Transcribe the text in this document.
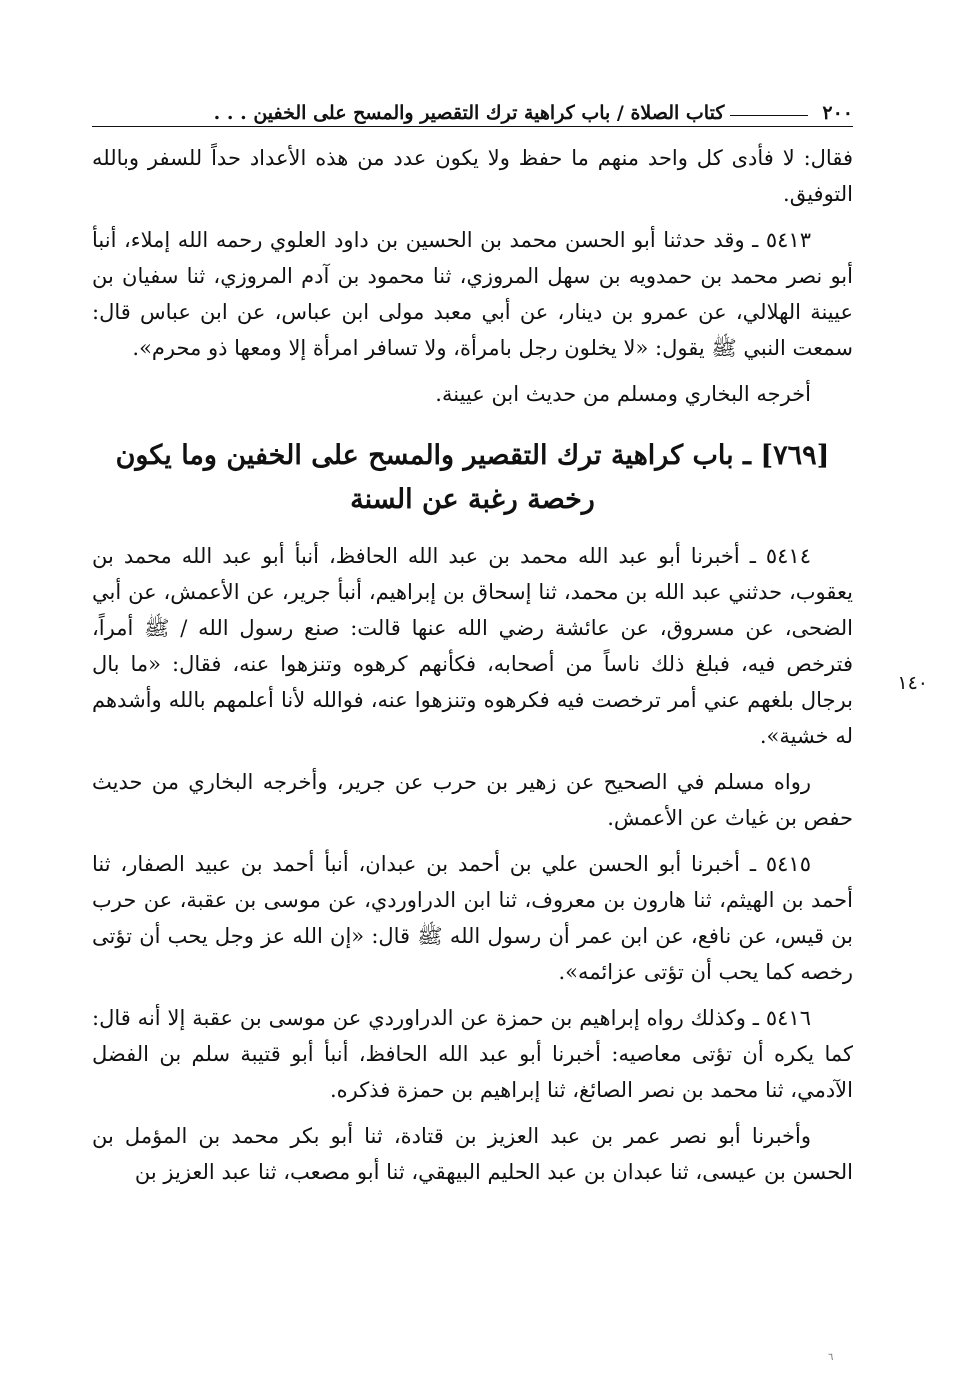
٢٠٠
كتاب الصلاة / باب كراهية ترك التقصير والمسح على الخفين . . .

فقال: لا فأدى كل واحد منهم ما حفظ ولا يكون عدد من هذه الأعداد حداً للسفر وبالله التوفيق.

٥٤١٣ ـ وقد حدثنا أبو الحسن محمد بن الحسين بن داود العلوي رحمه الله إملاء، أنبأ أبو نصر محمد بن حمدويه بن سهل المروزي، ثنا محمود بن آدم المروزي، ثنا سفيان بن عيينة الهلالي، عن عمرو بن دينار، عن أبي معبد مولى ابن عباس، عن ابن عباس قال: سمعت النبي ﷺ يقول: «لا يخلون رجل بامرأة، ولا تسافر امرأة إلا ومعها ذو محرم».

أخرجه البخاري ومسلم من حديث ابن عيينة.

[٧٦٩] ـ باب كراهية ترك التقصير والمسح على الخفين وما يكون رخصة رغبة عن السنة

٥٤١٤ ـ أخبرنا أبو عبد الله محمد بن عبد الله الحافظ، أنبأ أبو عبد الله محمد بن يعقوب، حدثني عبد الله بن محمد، ثنا إسحاق بن إبراهيم، أنبأ جرير، عن الأعمش، عن أبي الضحى، عن مسروق، عن عائشة رضي الله عنها قالت: صنع رسول الله / ﷺ أمراً، فترخص فيه، فبلغ ذلك ناساً من أصحابه، فكأنهم كرهوه وتنزهوا عنه، فقال: «ما بال برجال بلغهم عني أمر ترخصت فيه فكرهوه وتنزهوا عنه، فوالله لأنا أعلمهم بالله وأشدهم له خشية».

رواه مسلم في الصحيح عن زهير بن حرب عن جرير، وأخرجه البخاري من حديث حفص بن غياث عن الأعمش.

٥٤١٥ ـ أخبرنا أبو الحسن علي بن أحمد بن عبدان، أنبأ أحمد بن عبيد الصفار، ثنا أحمد بن الهيثم، ثنا هارون بن معروف، ثنا ابن الدراوردي، عن موسى بن عقبة، عن حرب بن قيس، عن نافع، عن ابن عمر أن رسول الله ﷺ قال: «إن الله عز وجل يحب أن تؤتى رخصه كما يحب أن تؤتى عزائمه».

٥٤١٦ ـ وكذلك رواه إبراهيم بن حمزة عن الدراوردي عن موسى بن عقبة إلا أنه قال: كما يكره أن تؤتى معاصيه: أخبرنا أبو عبد الله الحافظ، أنبأ أبو قتيبة سلم بن الفضل الآدمي، ثنا محمد بن نصر الصائغ، ثنا إبراهيم بن حمزة فذكره.

وأخبرنا أبو نصر عمر بن عبد العزيز بن قتادة، ثنا أبو بكر محمد بن المؤمل بن الحسن بن عيسى، ثنا عبدان بن عبد الحليم البيهقي، ثنا أبو مصعب، ثنا عبد العزيز بن

١٤٠
٦
